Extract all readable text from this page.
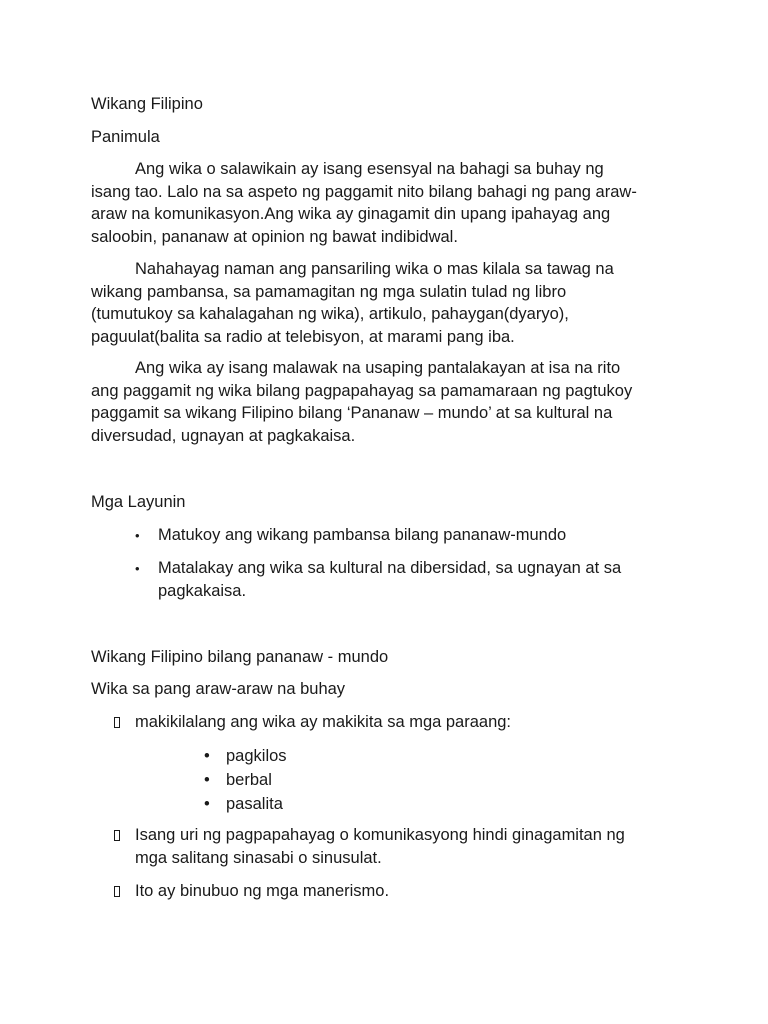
Wikang Filipino

Panimula

Ang wika o salawikain ay isang esensyal na bahagi sa buhay ng
isang tao. Lalo na sa aspeto ng paggamit nito bilang bahagi ng pang araw-
araw na komunikasyon.Ang wika ay ginagamit din upang ipahayag ang
saloobin, pananaw at opinion ng bawat indibidwal.

Nahahayag naman ang pansariling wika o mas kilala sa tawag na
wikang pambansa, sa pamamagitan ng mga sulatin tulad ng libro
(tumutukoy sa kahalagahan ng wika), artikulo, pahaygan(dyaryo),
paguulat(balita sa radio at telebisyon, at marami pang iba.

Ang wika ay isang malawak na usaping pantalakayan at isa na rito
ang paggamit ng wika bilang pagpapahayag sa pamamaraan ng pagtukoy
paggamit sa wikang Filipino bilang ‘Pananaw – mundo’ at sa kultural na
diversudad, ugnayan at pagkakaisa.

Mga Layunin

• Matukoy ang wikang pambansa bilang pananaw-mundo

• Matalakay ang wika sa kultural na dibersidad, sa ugnayan at sa
pagkakaisa.

Wikang Filipino bilang pananaw - mundo

Wika sa pang araw-araw na buhay

makikilalang ang wika ay makikita sa mga paraang:

• pagkilos

• berbal

• pasalita

Isang uri ng pagpapahayag o komunikasyong hindi ginagamitan ng
mga salitang sinasabi o sinusulat.

Ito ay binubuo ng mga manerismo.
